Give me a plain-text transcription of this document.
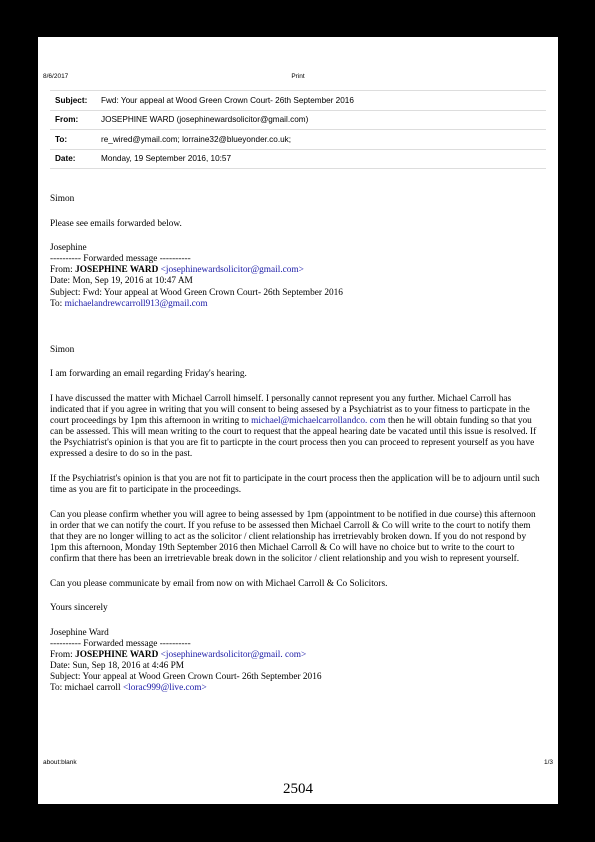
8/6/2017	Print
Subject:	Fwd: Your appeal at Wood Green Crown Court- 26th September 2016
From:	JOSEPHINE WARD (josephinewardsolicitor@gmail.com)
To:	re_wired@ymail.com; lorraine32@blueyonder.co.uk;
Date:	Monday, 19 September 2016, 10:57

Simon

Please see emails forwarded below.

Josephine

---------- Forwarded message ----------
From: JOSEPHINE WARD <josephinewardsolicitor@gmail.com>
Date: Mon, Sep 19, 2016 at 10:47 AM
Subject: Fwd: Your appeal at Wood Green Crown Court- 26th September 2016
To: michaelandrewcarroll913@gmail.com

Simon

I am forwarding an email regarding Friday's hearing.

I have discussed the matter with Michael Carroll himself. I personally cannot represent you any further. Michael Carroll has indicated that if you agree in writing that you will consent to being assesed by a Psychiatrist as to your fitness to particpate in the court proceedings by 1pm this afternoon in writing to michael@michaelcarrollandco. com then he will obtain funding so that you can be assessed. This will mean writing to the court to request that the appeal hearing date be vacated until this issue is resolved. If the Psychiatrist's opinion is that you are fit to particpte in the court process then you can proceed to represent yourself as you have expressed a desire to do so in the past.

If the Psychiatrist's opinion is that you are not fit to participate in the court process then the application will be to adjourn until such time as you are fit to participate in the proceedings.

Can you please confirm whether you will agree to being assessed by 1pm (appointment to be notified in due course) this afternoon in order that we can notify the court. If you refuse to be assessed then Michael Carroll & Co will write to the court to notify them that they are no longer willing to act as the solicitor / client relationship has irretrievably broken down. If you do not respond by 1pm this afternoon, Monday 19th September 2016 then Michael Carroll & Co will have no choice but to write to the court to confirm that there has been an irretrievable break down in the solicitor / client relationship and you wish to represent yourself.

Can you please communicate by email from now on with Michael Carroll & Co Solicitors.

Yours sincerely

Josephine Ward

---------- Forwarded message ----------
From: JOSEPHINE WARD <josephinewardsolicitor@gmail. com>
Date: Sun, Sep 18, 2016 at 4:46 PM
Subject: Your appeal at Wood Green Crown Court- 26th September 2016
To: michael carroll <lorac999@live.com>
about:blank	1/3
2504
